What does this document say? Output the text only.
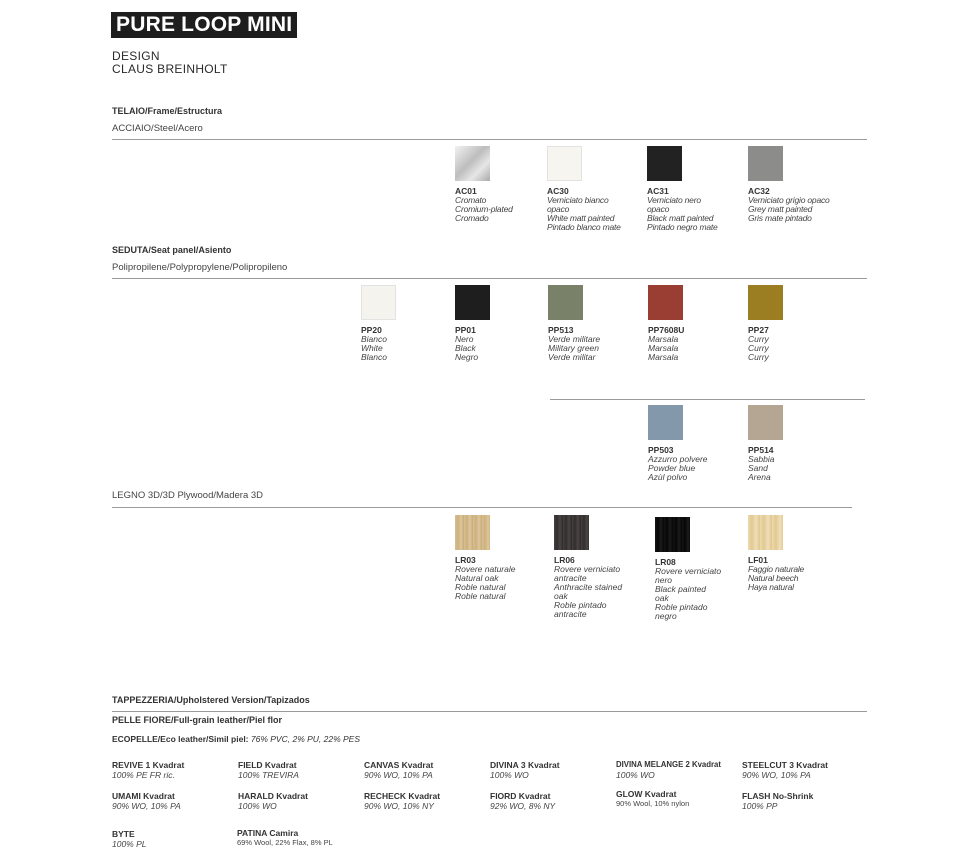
PURE LOOP MINI
DESIGN
CLAUS BREINHOLT
TELAIO/Frame/Estructura
ACCIAIO/Steel/Acero
AC01
Cromato
Cromium-plated
Cromado
AC30
Verniciato bianco
opaco
White matt painted
Pintado blanco mate
AC31
Verniciato nero
opaco
Black matt painted
Pintado negro mate
AC32
Verniciato grigio opaco
Grey matt painted
Gris mate pintado
SEDUTA/Seat panel/Asiento
Polipropilene/Polypropylene/Polipropileno
PP20
Bianco
White
Blanco
PP01
Nero
Black
Negro
PP513
Verde militare
Military green
Verde militar
PP7608U
Marsala
Marsala
Marsala
PP27
Curry
Curry
Curry
PP503
Azzurro polvere
Powder blue
Azùl polvo
PP514
Sabbia
Sand
Arena
LEGNO 3D/3D Plywood/Madera 3D
LR03
Rovere naturale
Natural oak
Roble natural
Roble natural
LR06
Rovere verniciato
antracite
Anthracite stained
oak
Roble pintado
antracite
LR08
Rovere verniciato
nero
Black painted
oak
Roble pintado
negro
LF01
Faggio naturale
Natural beech
Haya natural
TAPPEZZERIA/Upholstered Version/Tapizados
PELLE FIORE/Full-grain leather/Piel flor
ECOPELLE/Eco leather/Simil piel: 76% PVC, 2% PU, 22% PES
REVIVE 1 Kvadrat
100% PE FR ric.
FIELD Kvadrat
100% TREVIRA
CANVAS Kvadrat
90% WO, 10% PA
DIVINA 3 Kvadrat
100% WO
DIVINA MELANGE 2 Kvadrat
100% WO
STEELCUT 3 Kvadrat
90% WO, 10% PA
UMAMI Kvadrat
90% WO, 10% PA
HARALD Kvadrat
100% WO
RECHECK Kvadrat
90% WO, 10% NY
FIORD Kvadrat
92% WO, 8% NY
GLOW Kvadrat
90% Wool, 10% nylon
FLASH No-Shrink
100% PP
BYTE
100% PL
PATINA Camira
69% Wool, 22% Flax, 8% PL
